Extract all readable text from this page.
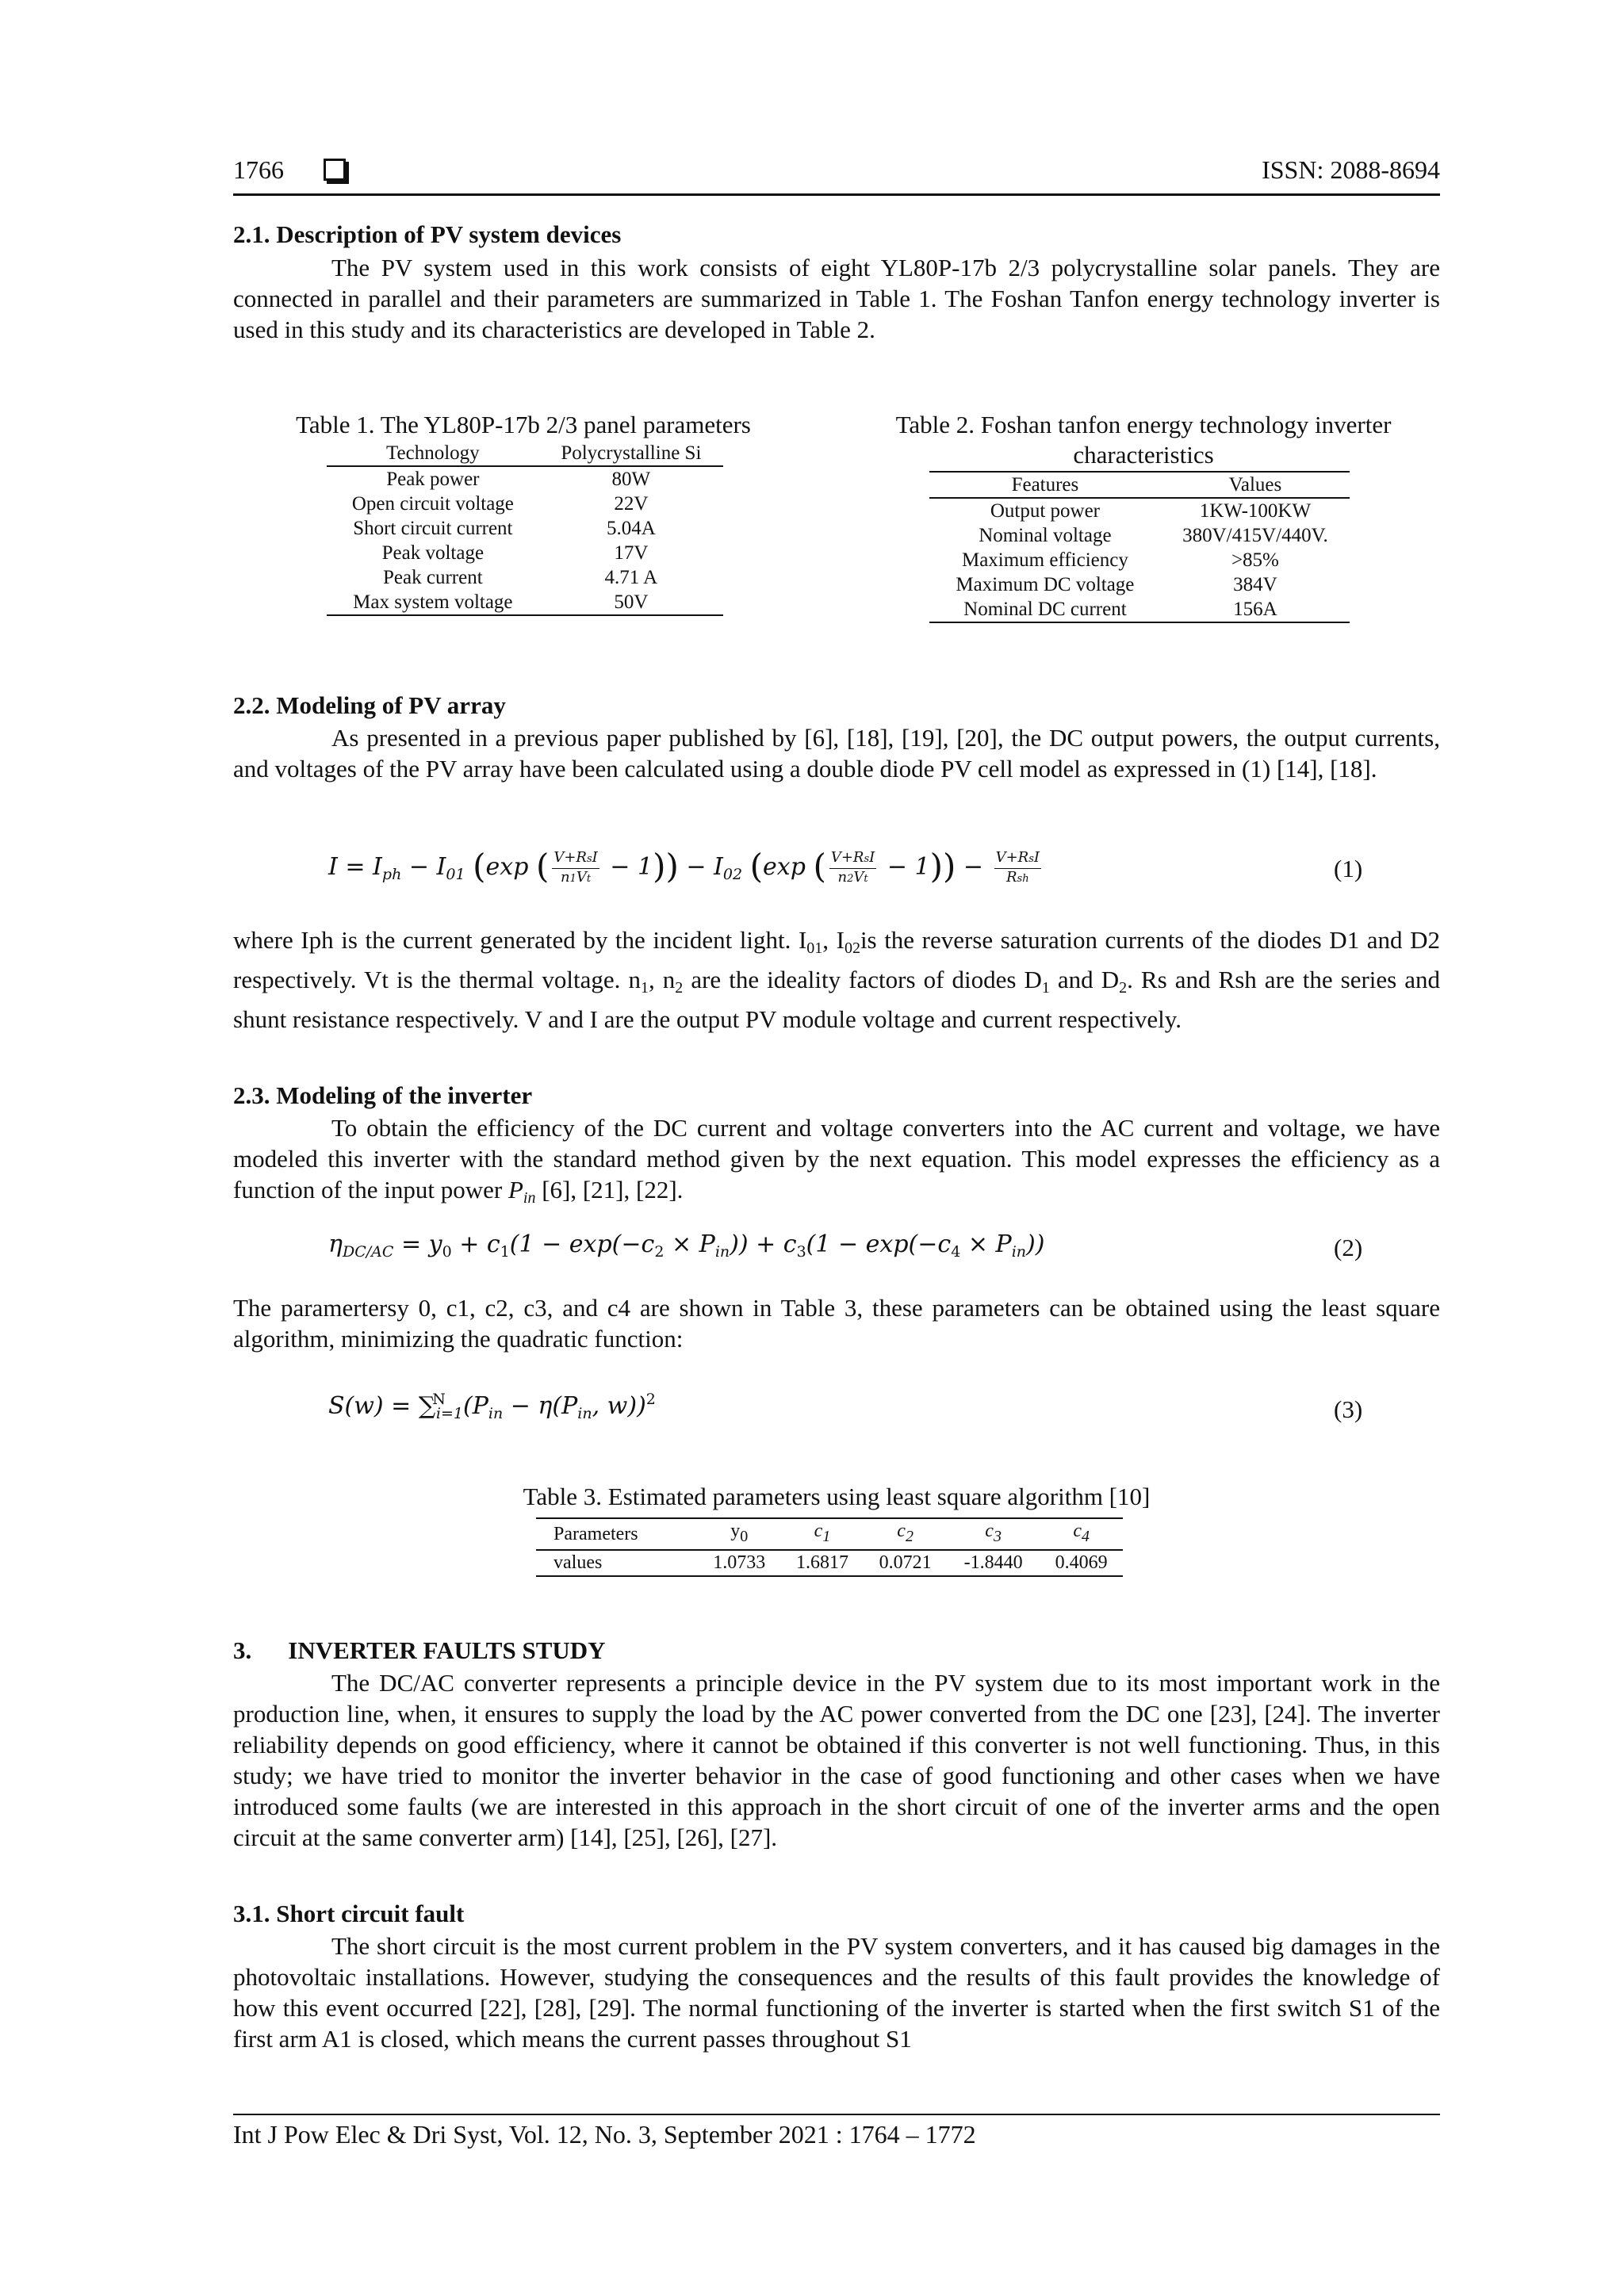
1766	ISSN: 2088-8694
2.1. Description of PV system devices
The PV system used in this work consists of eight YL80P-17b 2/3 polycrystalline solar panels. They are connected in parallel and their parameters are summarized in Table 1. The Foshan Tanfon energy technology inverter is used in this study and its characteristics are developed in Table 2.
Table 1. The YL80P-17b 2/3 panel parameters
Technology	Polycrystalline Si
Peak power	80W
Open circuit voltage	22V
Short circuit current	5.04A
Peak voltage	17V
Peak current	4.71 A
Max system voltage	50V
Table 2. Foshan tanfon energy technology inverter
characteristics
Features	Values
Output power	1KW-100KW
Nominal voltage	380V/415V/440V.
Maximum efficiency	>85%
Maximum DC voltage	384V
Nominal DC current	156A
2.2. Modeling of PV array
As presented in a previous paper published by [6], [18], [19], [20], the DC output powers, the output currents, and voltages of the PV array have been calculated using a double diode PV cell model as expressed in (1) [14], [18].
$I = I_{ph} - I_{01}$ (exp ( $\frac{\text{V+RsI}}{n1Vt} - 1)) - I_{02}$ (exp ( $\frac{\text{V+RsI}}{n2Vt} - 1)) - \frac{\text{V+RsI}}{\text{Rsh}}$	(1)
where Iph is the current generated by the incident light. $I_{01}$, $I_{02}is$ the reverse saturation currents of the diodes D1 and D2 respectively. Vt is the thermal voltage. $n_1$, $n_2$ are the ideality factors of diodes $D_1$ and $D_2$. Rs and Rsh are the series and shunt resistance respectively. V and I are the output PV module voltage and current respectively.
2.3. Modeling of the inverter
To obtain the efficiency of the DC current and voltage converters into the AC current and voltage, we have modeled this inverter with the standard method given by the next equation. This model expresses the efficiency as a function of the input power $P_{in}$ [6], [21], [22].
$\eta_{DC/AC} = y_0 + c_1(1 - \exp(-c_2 \times P_{in})) + c_3(1 - \exp(-c_4 \times P_{in}))$	(2)
The paramertersy 0, c1, c2, c3, and c4 are shown in Table 3, these parameters can be obtained using the least square algorithm, minimizing the quadratic function:
$S(w) = \sum^N_{i=1}(P_{in} - \eta(P_{in}$, w))$^2$	(3)
Table 3. Estimated parameters using least square algorithm [10]
Parameters	$y_0$	$c_1$	$c_2$	$c_3$	$c_4$
values	1.0733	1.6817	0.0721	-1.8440	0.4069
3. INVERTER FAULTS STUDY
The DC/AC converter represents a principle device in the PV system due to its most important work in the production line, when, it ensures to supply the load by the AC power converted from the DC one [23], [24]. The inverter reliability depends on good efficiency, where it cannot be obtained if this converter is not well functioning. Thus, in this study; we have tried to monitor the inverter behavior in the case of good functioning and other cases when we have introduced some faults (we are interested in this approach in the short circuit of one of the inverter arms and the open circuit at the same converter arm) [14], [25], [26], [27].
3.1. Short circuit fault
The short circuit is the most current problem in the PV system converters, and it has caused big damages in the photovoltaic installations. However, studying the consequences and the results of this fault provides the knowledge of how this event occurred [22], [28], [29]. The normal functioning of the inverter is started when the first switch S1 of the first arm A1 is closed, which means the current passes throughout S1
Int J Pow Elec & Dri Syst, Vol. 12, No. 3, September 2021 : 1764 – 1772
